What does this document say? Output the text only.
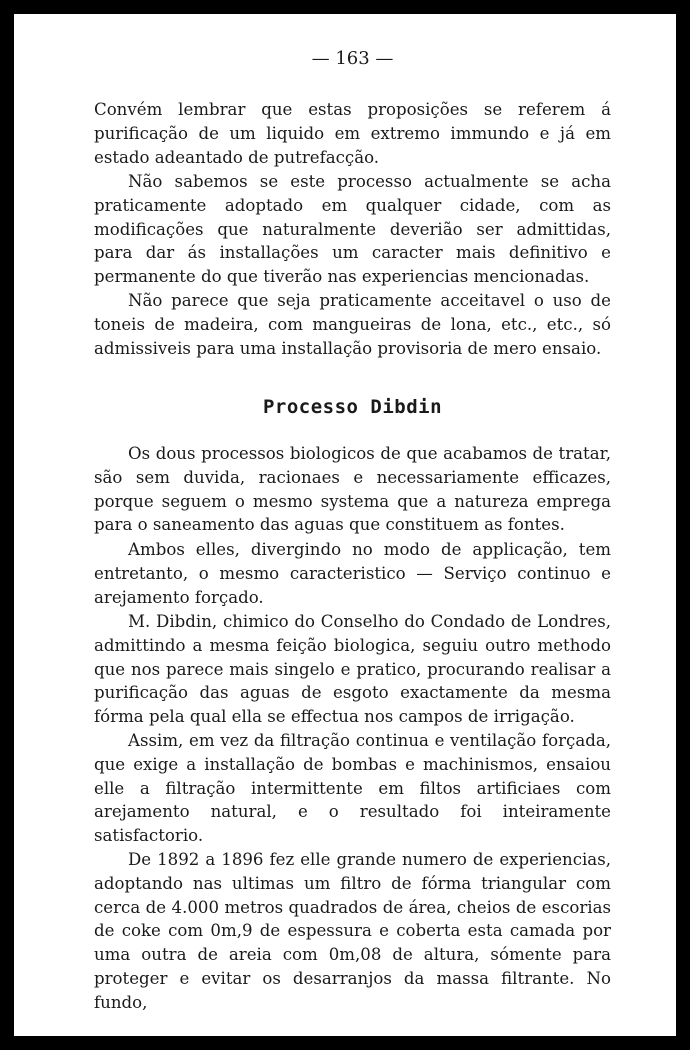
— 163 —

Convém lembrar que estas proposições se referem á purificação de um liquido em extremo immundo e já em estado adeantado de putrefacção.

Não sabemos se este processo actualmente se acha praticamente adoptado em qualquer cidade, com as modificações que naturalmente deverião ser admittidas, para dar ás installações um caracter mais definitivo e permanente do que tiverão nas experiencias mencionadas.

Não parece que seja praticamente acceitavel o uso de toneis de madeira, com mangueiras de lona, etc., etc., só admissiveis para uma installação provisoria de mero ensaio.

Processo Dibdin

Os dous processos biologicos de que acabamos de tratar, são sem duvida, racionaes e necessariamente efficazes, porque seguem o mesmo systema que a natureza emprega para o saneamento das aguas que constituem as fontes.

Ambos elles, divergindo no modo de applicação, tem entretanto, o mesmo caracteristico — Serviço continuo e arejamento forçado.

M. Dibdin, chimico do Conselho do Condado de Londres, admittindo a mesma feição biologica, seguiu outro methodo que nos parece mais singelo e pratico, procurando realisar a purificação das aguas de esgoto exactamente da mesma fórma pela qual ella se effectua nos campos de irrigação.

Assim, em vez da filtração continua e ventilação forçada, que exige a installação de bombas e machinismos, ensaiou elle a filtração intermittente em filtos artificiaes com arejamento natural, e o resultado foi inteiramente satisfactorio.

De 1892 a 1896 fez elle grande numero de experiencias, adoptando nas ultimas um filtro de fórma triangular com cerca de 4.000 metros quadrados de área, cheios de escorias de coke com 0m,9 de espessura e coberta esta camada por uma outra de areia com 0m,08 de altura, sómente para proteger e evitar os desarranjos da massa filtrante. No fundo,
